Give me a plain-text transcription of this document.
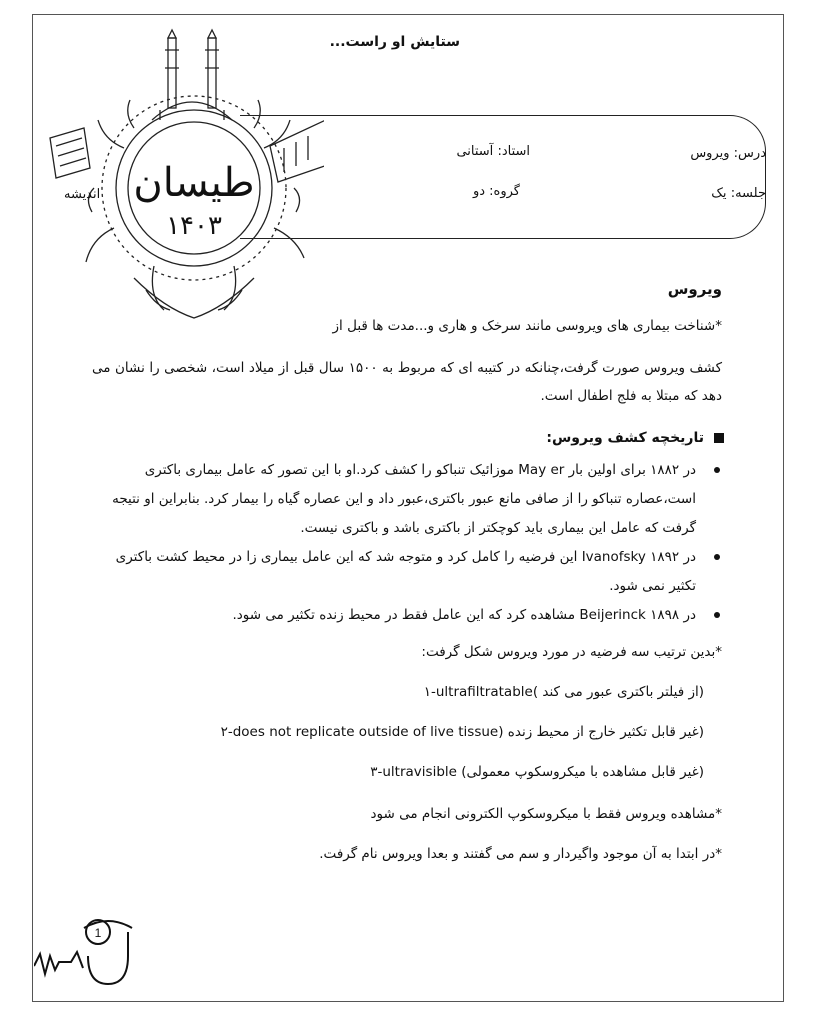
ستایش او راست...
طیسان
۱۴۰۳
اندیشه
درس: ویروس
استاد: آستانی
جلسه: یک
گروه: دو
ویروس
*شناخت بیماری های ویروسی مانند سرخک و هاری و...مدت ها قبل از
کشف ویروس صورت گرفت،چنانکه در کتیبه ای که مربوط به ۱۵۰۰ سال قبل از میلاد است، شخصی را نشان می دهد که مبتلا به فلج اطفال است.
تاریخچه کشف ویروس:
در ۱۸۸۲ برای اولین بار May er موزائیک تنباکو را کشف کرد.او با این تصور که عامل بیماری باکتری است،عصاره تنباکو را از صافی مانع عبور باکتری،عبور داد و این عصاره گیاه را بیمار کرد. بنابراین او نتیجه گرفت که عامل این بیماری باید کوچکتر از باکتری باشد و باکتری نیست.
در ۱۸۹۲ Ivanofsky این فرضیه را کامل کرد و متوجه شد که این عامل بیماری زا در محیط کشت باکتری تکثیر نمی شود.
در ۱۸۹۸ Beijerinck مشاهده کرد که این عامل فقط در محیط زنده تکثیر می شود.
*بدین ترتیب سه فرضیه در مورد ویروس شکل گرفت:
۱-ultrafiltratable( از فیلتر باکتری عبور می کند)
۲-does not replicate outside of live tissue) غیر قابل تکثیر خارج از محیط زنده)
۳-ultravisible (غیر قابل مشاهده با میکروسکوپ معمولی)
*مشاهده ویروس فقط با میکروسکوپ الکترونی انجام می شود
*در ابتدا به آن موجود واگیردار و سم می گفتند و بعدا ویروس نام گرفت.
1
